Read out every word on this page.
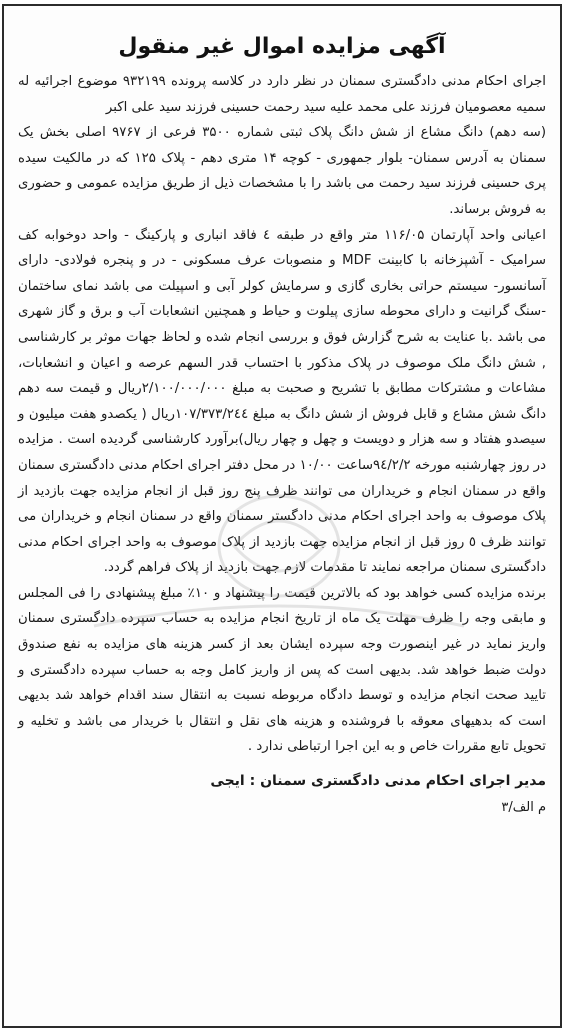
آگهی مزایده اموال غیر منقول

اجرای احکام مدنی دادگستری سمنان در نظر دارد در کلاسه پرونده ۹۳۲۱۹۹ موضوع اجرائیه له سمیه معصومیان فرزند علی محمد علیه سید رحمت حسینی فرزند سید علی اکبر

(سه دهم) دانگ مشاع از شش دانگ پلاک ثبتی شماره ۳۵۰۰ فرعی از ۹۷۶۷ اصلی بخش یک سمنان به آدرس سمنان- بلوار جمهوری - کوچه ۱۴ متری دهم - پلاک ۱۲۵ که در مالکیت سیده پری حسینی فرزند سید رحمت می باشد را با مشخصات ذیل از طریق مزایده عمومی و حضوری به فروش برساند.

اعیانی واحد آپارتمان ۱۱۶/۰۵ متر واقع در طبقه ٤ فاقد انباری و پارکینگ - واحد دوخوابه کف سرامیک - آشپزخانه با کابینت MDF و منصوبات عرف مسکونی - در و پنجره فولادی- دارای آسانسور- سیستم حراتی بخاری گازی و سرمایش کولر آبی و اسپیلت می باشد نمای ساختمان -سنگ گرانیت و دارای محوطه سازی پیلوت و حیاط و همچنین انشعابات آب و برق و گاز شهری می باشد .با عنایت به شرح گزارش فوق و بررسی انجام شده و لحاظ جهات موثر بر کارشناسی , شش دانگ ملک موصوف در پلاک مذکور با احتساب قدر السهم عرصه و اعیان و انشعابات، مشاعات و مشترکات مطابق با تشریح و صحبت به مبلغ ۲/۱۰۰/۰۰۰/۰۰۰ریال و قیمت سه دهم دانگ شش مشاع و قابل فروش از شش دانگ به مبلغ ۱۰۷/۳۷۳/۲٤٤ریال ( یکصدو هفت میلیون و سیصدو هفتاد و سه هزار و دویست و چهل و چهار ریال)برآورد کارشناسی گردیده است . مزایده در روز چهارشنبه مورخه ۹٤/۲/۲ساعت ۱۰/۰۰ در محل دفتر اجرای احکام مدنی دادگستری سمنان واقع در سمنان انجام و خریداران می توانند ظرف پنج روز قبل از انجام مزایده جهت بازدید از پلاک موصوف به واحد اجرای احکام مدنی دادگستر سمنان واقع در سمنان انجام و خریداران می توانند ظرف ٥ روز قبل از انجام مزایده جهت بازدید از پلاک موصوف به واحد اجرای احکام مدنی دادگستری سمنان مراجعه نمایند تا مقدمات لازم جهت بازدید از پلاک فراهم گردد.

برنده مزایده کسی خواهد بود که بالاترین قیمت را پیشنهاد و ۱۰٪ مبلغ پیشنهادی را فی المجلس و مابقی وجه را ظرف مهلت یک ماه از تاریخ انجام مزایده به حساب سپرده دادگستری سمنان واریز نماید در غیر اینصورت وجه سپرده ایشان بعد از کسر هزینه های مزایده به نفع صندوق دولت ضبط خواهد شد. بدیهی است که پس از واریز کامل وجه به حساب سپرده دادگستری و تایید صحت انجام مزایده و توسط دادگاه مربوطه نسبت به انتقال سند اقدام خواهد شد بدیهی است که بدهیهای معوقه با فروشنده و هزینه های نقل و انتقال با خریدار می باشد و تخلیه و تحویل تابع مقررات خاص و به این اجرا ارتباطی ندارد .

مدیر اجرای احکام مدنی دادگستری سمنان : ایجی
م الف/۳
